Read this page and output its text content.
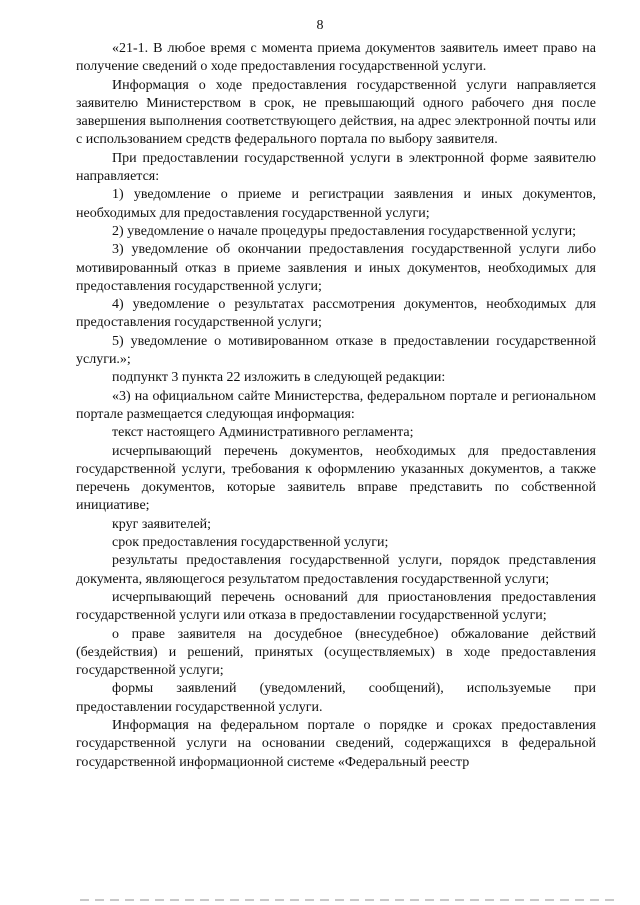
8

«21-1. В любое время с момента приема документов заявитель имеет право на получение сведений о ходе предоставления государственной услуги.

Информация о ходе предоставления государственной услуги направляется заявителю Министерством в срок, не превышающий одного рабочего дня после завершения выполнения соответствующего действия, на адрес электронной почты или с использованием средств федерального портала по выбору заявителя.

При предоставлении государственной услуги в электронной форме заявителю направляется:

1) уведомление о приеме и регистрации заявления и иных документов, необходимых для предоставления государственной услуги;

2) уведомление о начале процедуры предоставления государственной услуги;

3) уведомление об окончании предоставления государственной услуги либо мотивированный отказ в приеме заявления и иных документов, необходимых для предоставления государственной услуги;

4) уведомление о результатах рассмотрения документов, необходимых для предоставления государственной услуги;

5) уведомление о мотивированном отказе в предоставлении государственной услуги.»;

подпункт 3 пункта 22 изложить в следующей редакции:

«3) на официальном сайте Министерства, федеральном портале и региональном портале размещается следующая информация:

текст настоящего Административного регламента;

исчерпывающий перечень документов, необходимых для предоставления государственной услуги, требования к оформлению указанных документов, а также перечень документов, которые заявитель вправе представить по собственной инициативе;

круг заявителей;

срок предоставления государственной услуги;

результаты предоставления государственной услуги, порядок представления документа, являющегося результатом предоставления государственной услуги;

исчерпывающий перечень оснований для приостановления предоставления государственной услуги или отказа в предоставлении государственной услуги;

о праве заявителя на досудебное (внесудебное) обжалование действий (бездействия) и решений, принятых (осуществляемых) в ходе предоставления государственной услуги;

формы заявлений (уведомлений, сообщений), используемые при предоставлении государственной услуги.

Информация на федеральном портале о порядке и сроках предоставления государственной услуги на основании сведений, содержащихся в федеральной государственной информационной системе «Федеральный реестр
